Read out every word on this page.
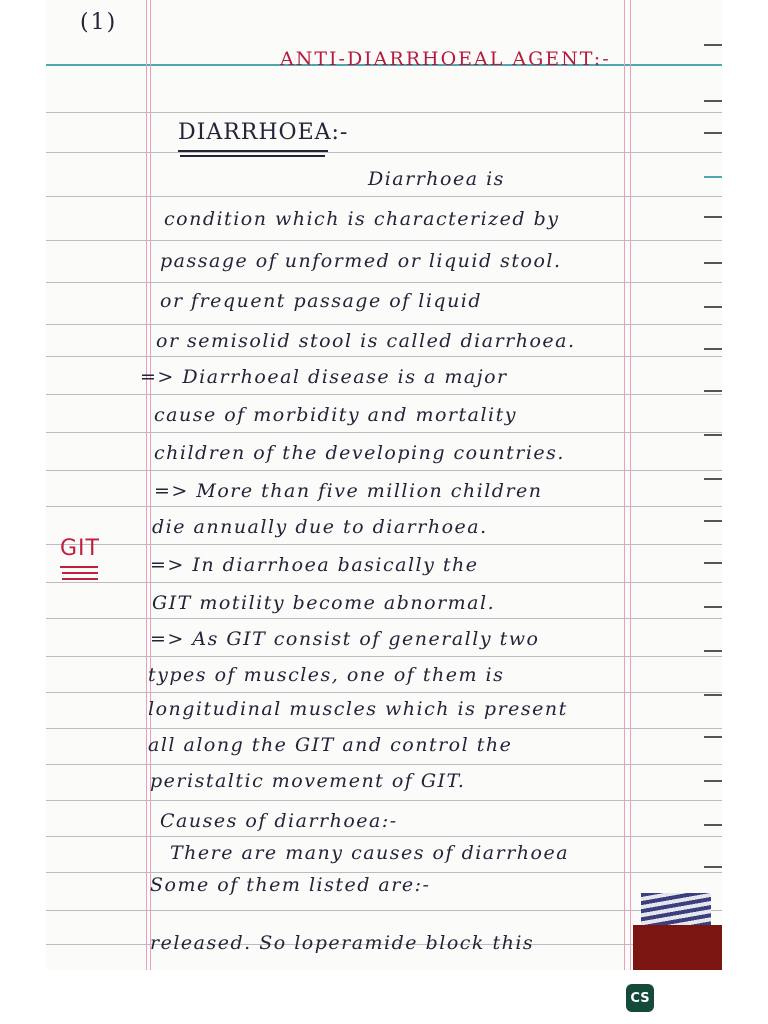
(1)
ANTI-DIARRHOEAL AGENT:-
DIARRHOEA:-
GIT
Diarrhoea is
condition which is characterized by
passage of unformed or liquid stool.
or frequent passage of liquid
or semisolid stool is called diarrhoea.
=> Diarrhoeal disease is a major
cause of morbidity and mortality
children of the developing countries.
=> More than five million children
die annually due to diarrhoea.
=> In diarrhoea basically the
GIT motility become abnormal.
=> As GIT consist of generally two
types of muscles, one of them is
longitudinal muscles which is present
all along the GIT and control the
peristaltic movement of GIT.
Causes of diarrhoea:-
There are many causes of diarrhoea
Some of them listed are:-
released. So loperamide block this
CS
